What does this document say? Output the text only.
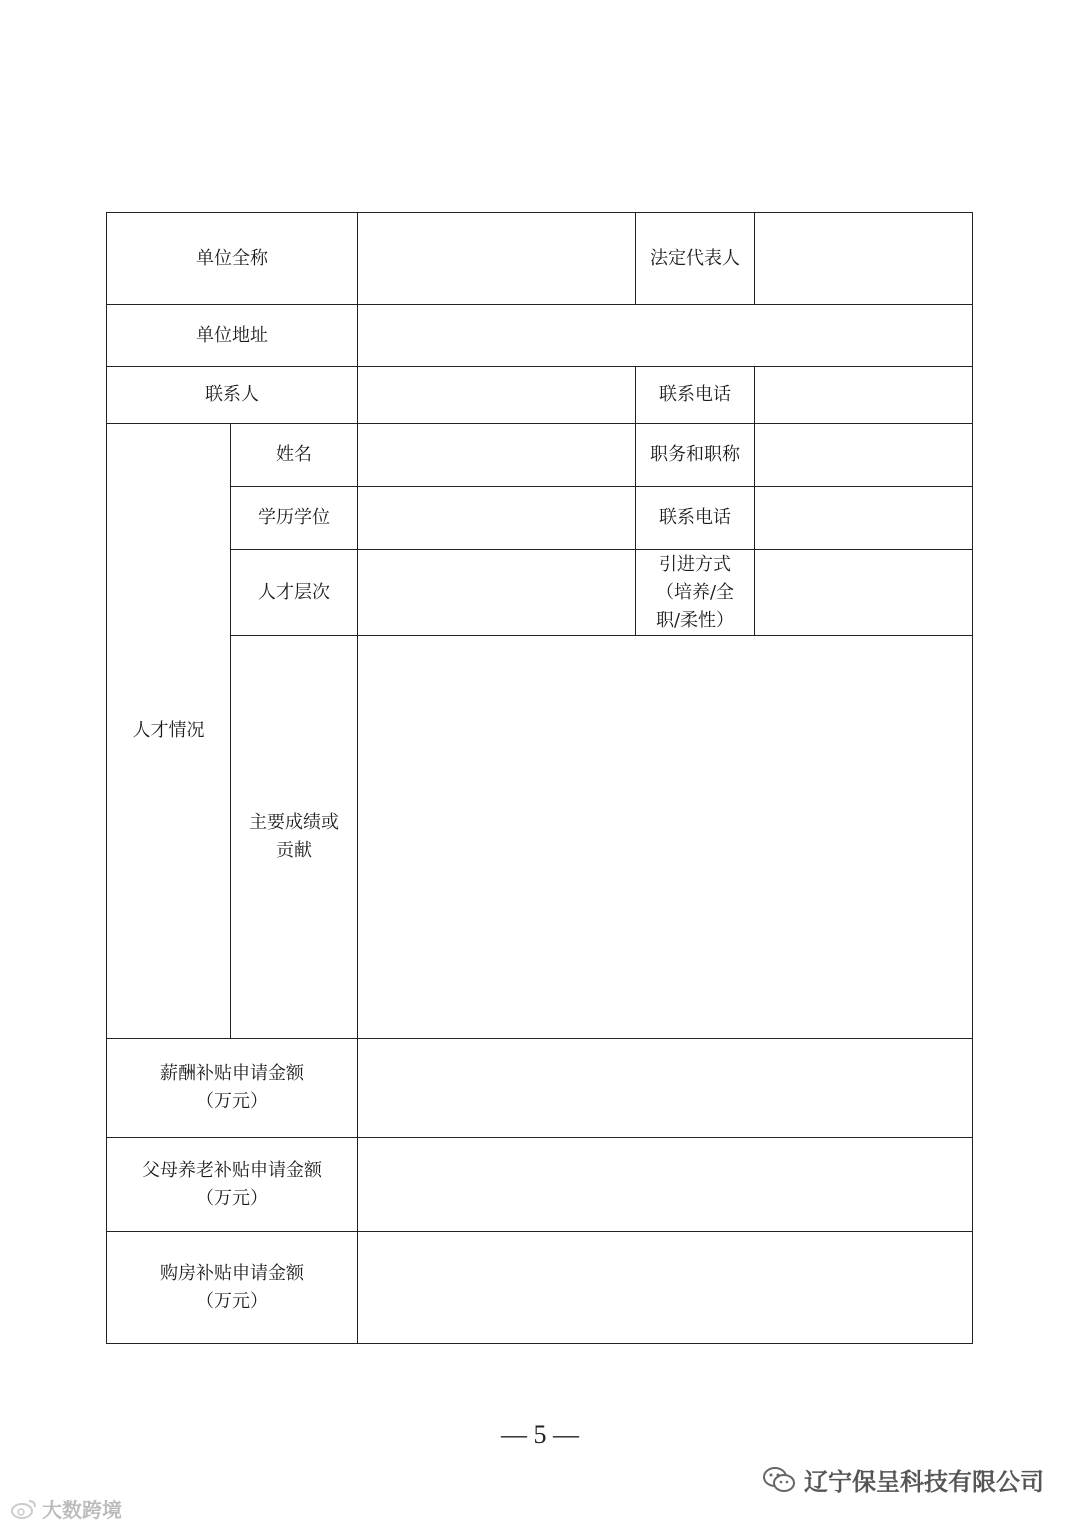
单位全称			法定代表人	
单位地址				
联系人			联系电话	
人才情况	姓名		职务和职称	
	学历学位		联系电话	
	人才层次		引进方式
（培养/全
职/柔性）	

	主要成绩或
贡献			

薪酬补贴申请金额
（万元）				

父母养老补贴申请金额
（万元）				

购房补贴申请金额
（万元）				

— 5 —
辽宁保呈科技有限公司
大数跨境
